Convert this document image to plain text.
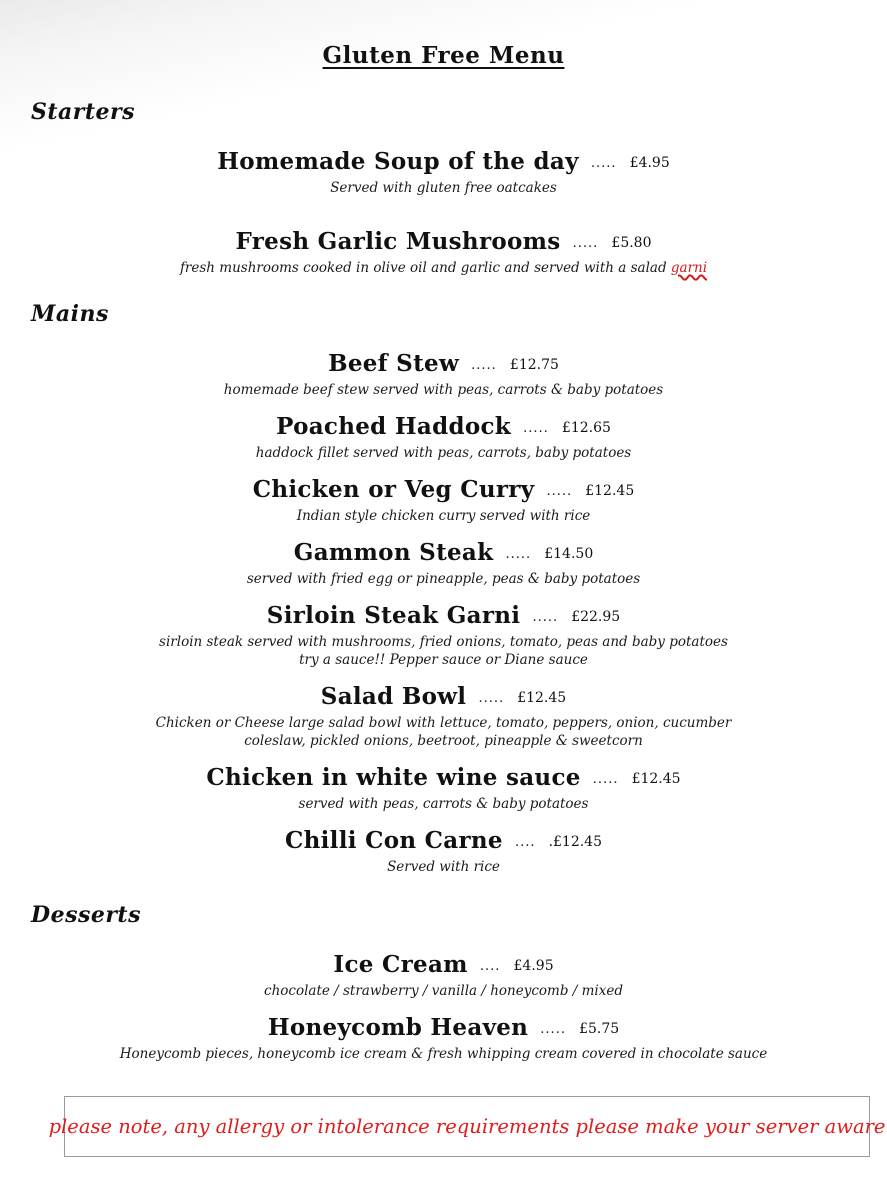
Gluten Free Menu
Starters
Homemade Soup of the day ..... £4.95
Served with gluten free oatcakes
Fresh Garlic Mushrooms ..... £5.80
fresh mushrooms cooked in olive oil and garlic and served with a salad garni
Mains
Beef Stew ..... £12.75
homemade beef stew served with peas, carrots & baby potatoes
Poached Haddock ..... £12.65
haddock fillet served with peas, carrots, baby potatoes
Chicken or Veg Curry ..... £12.45
Indian style chicken curry served with rice
Gammon Steak ..... £14.50
served with fried egg or pineapple, peas & baby potatoes
Sirloin Steak Garni ..... £22.95
sirloin steak served with mushrooms, fried onions, tomato, peas and baby potatoes
try a sauce!! Pepper sauce or Diane sauce
Salad Bowl ..... £12.45
Chicken or Cheese large salad bowl with lettuce, tomato, peppers, onion, cucumber
coleslaw, pickled onions, beetroot, pineapple & sweetcorn
Chicken in white wine sauce ..... £12.45
served with peas, carrots & baby potatoes
Chilli Con Carne .... .£12.45
Served with rice
Desserts
Ice Cream .... £4.95
chocolate / strawberry / vanilla / honeycomb / mixed
Honeycomb Heaven ..... £5.75
Honeycomb pieces, honeycomb ice cream & fresh whipping cream covered in chocolate sauce
please note, any allergy or intolerance requirements please make your server aware
